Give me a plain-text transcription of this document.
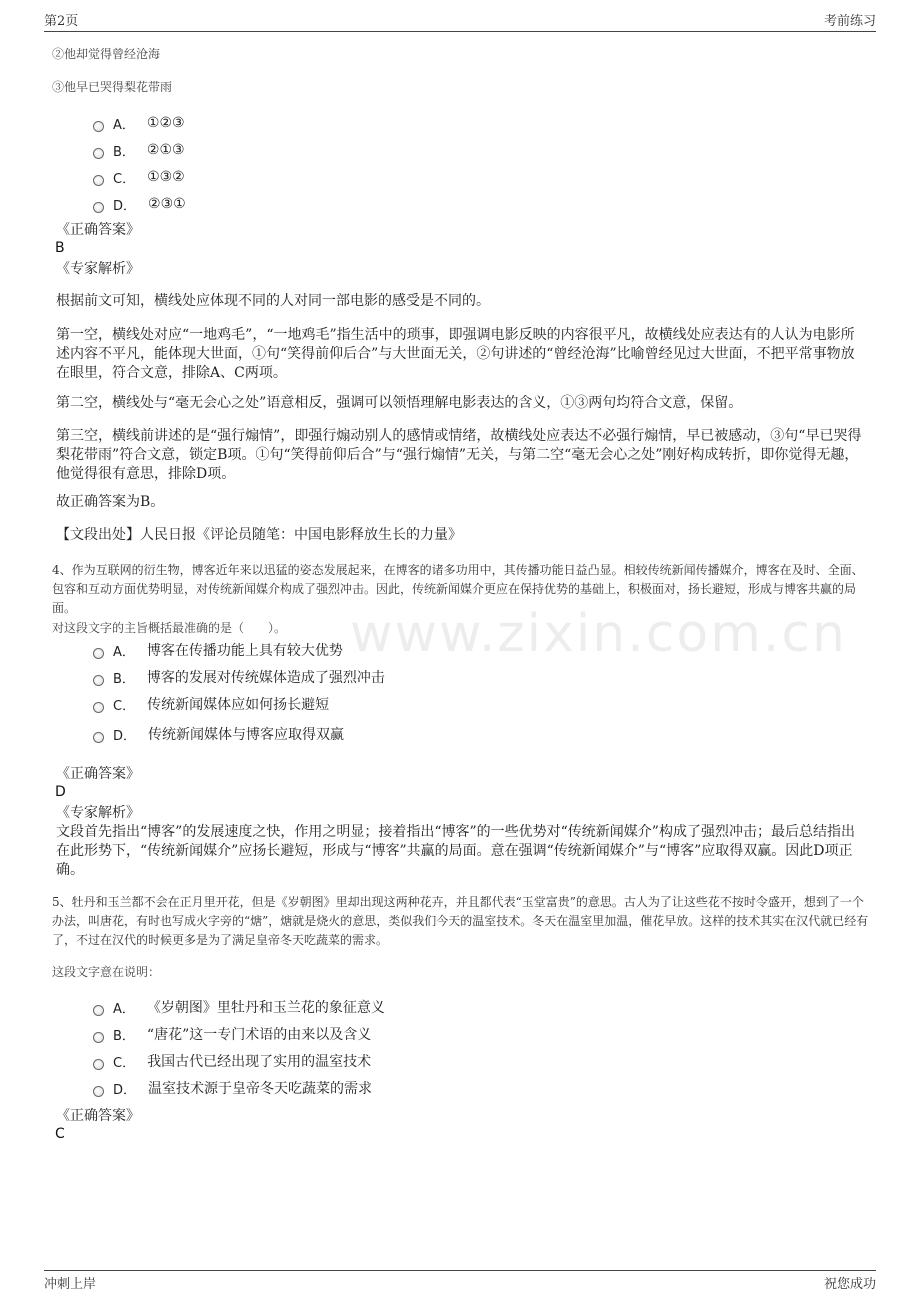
第2页	考前练习
www.zixin.com.cn
②他却觉得曾经沧海
③他早已哭得梨花带雨
A． ①②③
B． ②①③
C． ①③②
D． ②③①
《正确答案》
B
《专家解析》
根据前文可知，横线处应体现不同的人对同一部电影的感受是不同的。
第一空，横线处对应“一地鸡毛”，“一地鸡毛”指生活中的琐事，即强调电影反映的内容很平凡，故横线处应表达有的人认为电影所述内容不平凡，能体现大世面，①句“笑得前仰后合”与大世面无关，②句讲述的“曾经沧海”比喻曾经见过大世面，不把平常事物放在眼里，符合文意，排除A、C两项。
第二空，横线处与“毫无会心之处”语意相反，强调可以领悟理解电影表达的含义，①③两句均符合文意，保留。
第三空，横线前讲述的是“强行煽情”，即强行煽动别人的感情或情绪，故横线处应表达不必强行煽情，早已被感动，③句“早已哭得梨花带雨”符合文意，锁定B项。①句“笑得前仰后合”与“强行煽情”无关，与第二空“毫无会心之处”刚好构成转折，即你觉得无趣，他觉得很有意思，排除D项。
故正确答案为B。
【文段出处】人民日报《评论员随笔：中国电影释放生长的力量》
4、作为互联网的衍生物，博客近年来以迅猛的姿态发展起来，在博客的诸多功用中，其传播功能日益凸显。相较传统新闻传播媒介，博客在及时、全面、包容和互动方面优势明显，对传统新闻媒介构成了强烈冲击。因此，传统新闻媒介更应在保持优势的基础上，积极面对，扬长避短，形成与博客共赢的局面。
对这段文字的主旨概括最准确的是（　　）。
A． 博客在传播功能上具有较大优势
B． 博客的发展对传统媒体造成了强烈冲击
C． 传统新闻媒体应如何扬长避短
D． 传统新闻媒体与博客应取得双赢
《正确答案》
D
《专家解析》
文段首先指出“博客”的发展速度之快，作用之明显；接着指出“博客”的一些优势对“传统新闻媒介”构成了强烈冲击；最后总结指出在此形势下，“传统新闻媒介”应扬长避短，形成与“博客”共赢的局面。意在强调“传统新闻媒介”与“博客”应取得双赢。因此D项正确。
5、牡丹和玉兰都不会在正月里开花，但是《岁朝图》里却出现这两种花卉，并且都代表“玉堂富贵”的意思。古人为了让这些花不按时令盛开，想到了一个办法，叫唐花，有时也写成火字旁的“煻”，煻就是烧火的意思，类似我们今天的温室技术。冬天在温室里加温，催花早放。这样的技术其实在汉代就已经有了，不过在汉代的时候更多是为了满足皇帝冬天吃蔬菜的需求。
这段文字意在说明：
A． 《岁朝图》里牡丹和玉兰花的象征意义
B． “唐花”这一专门术语的由来以及含义
C． 我国古代已经出现了实用的温室技术
D． 温室技术源于皇帝冬天吃蔬菜的需求
《正确答案》
C
冲刺上岸	祝您成功
